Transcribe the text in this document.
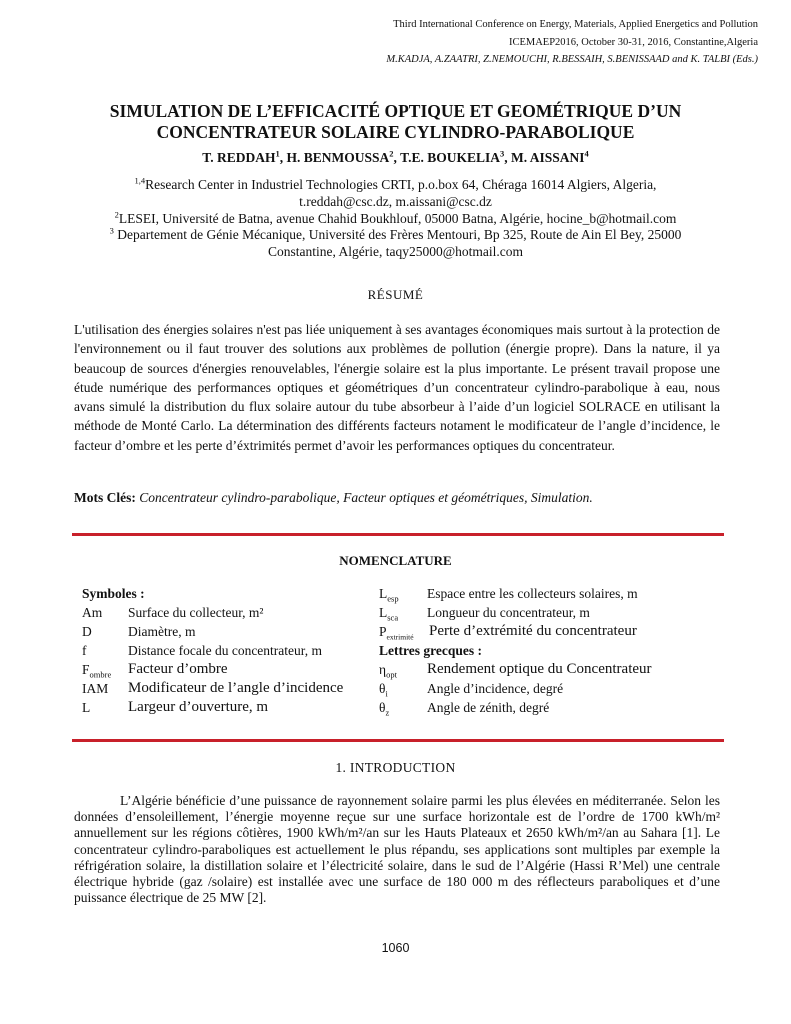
Third International Conference on Energy, Materials, Applied Energetics and Pollution
ICEMAEP2016, October 30-31, 2016, Constantine,Algeria
M.KADJA, A.ZAATRI, Z.NEMOUCHI, R.BESSAIH, S.BENISSAAD and K. TALBI (Eds.)
SIMULATION DE L’EFFICACITÉ OPTIQUE ET GEOMÉTRIQUE D’UN
CONCENTRATEUR SOLAIRE CYLINDRO-PARABOLIQUE
T. REDDAH$^1$, H. BENMOUSSA$^2$, T.E. BOUKELIA$^3$, M. AISSANI$^4$
$^{1,4}$Research Center in Industriel Technologies CRTI, p.o.box 64, Chéraga 16014 Algiers, Algeria,
t.reddah@csc.dz, m.aissani@csc.dz
$^2$LESEI, Université de Batna, avenue Chahid Boukhlouf, 05000 Batna, Algérie, hocine_b@hotmail.com
$^3$ Departement de Génie Mécanique, Université des Frères Mentouri, Bp 325, Route de Ain El Bey, 25000
Constantine, Algérie, taqy25000@hotmail.com
RÉSUMÉ
L'utilisation des énergies solaires n'est pas liée uniquement à ses avantages économiques mais surtout à la protection de l'environnement ou il faut trouver des solutions aux problèmes de pollution (énergie propre). Dans la nature, il ya beaucoup de sources d'énergies renouvelables, l'énergie solaire est la plus importante. Le présent travail propose une étude numérique des performances optiques et géométriques d’un concentrateur cylindro-parabolique à eau, nous avans simulé la distribution du flux solaire autour du tube absorbeur à l’aide d’un logiciel SOLRACE en utilisant la méthode de Monté Carlo. La détermination des différents facteurs notament le modificateur de l’angle d’incidence, le facteur d’ombre et les perte d’éxtrimités permet d’avoir les performances optiques du concentrateur.
Mots Clés: Concentrateur cylindro-parabolique, Facteur optiques et géométriques, Simulation.
NOMENCLATURE
Symboles :
Am	Surface du collecteur, m²
D	Diamètre, m
f	Distance focale du concentrateur, m
$F_{ombre}$	Facteur d’ombre
IAM	Modificateur de l’angle d’incidence
L	Largeur d’ouverture, m
$L_{esp}$	Espace entre les collecteurs solaires, m
$L_{sca}$	Longueur du concentrateur, m
$P_{extrimité}$	Perte d’extrémité du concentrateur
Lettres grecques :
$\eta_{opt}$	Rendement optique du Concentrateur
$\theta_i$	Angle d’incidence, degré
$\theta_z$	Angle de zénith, degré
1. INTRODUCTION

L’Algérie bénéficie d’une puissance de rayonnement solaire parmi les plus élevées en méditerranée. Selon les données d’ensoleillement, l’énergie moyenne reçue sur une surface horizontale est de l’ordre de 1700 kWh/m² annuellement sur les régions côtières, 1900 kWh/m²/an sur les Hauts Plateaux et 2650 kWh/m²/an au Sahara [1]. Le concentrateur cylindro-paraboliques est actuellement le plus répandu, ses applications sont multiples par exemple la réfrigération solaire, la distillation solaire et l’électricité solaire, dans le sud de l’Algérie (Hassi R’Mel) une centrale électrique hybride (gaz /solaire) est installée avec une surface de 180 000 m des réflecteurs paraboliques et d’une puissance électrique de 25 MW [2].

1060
